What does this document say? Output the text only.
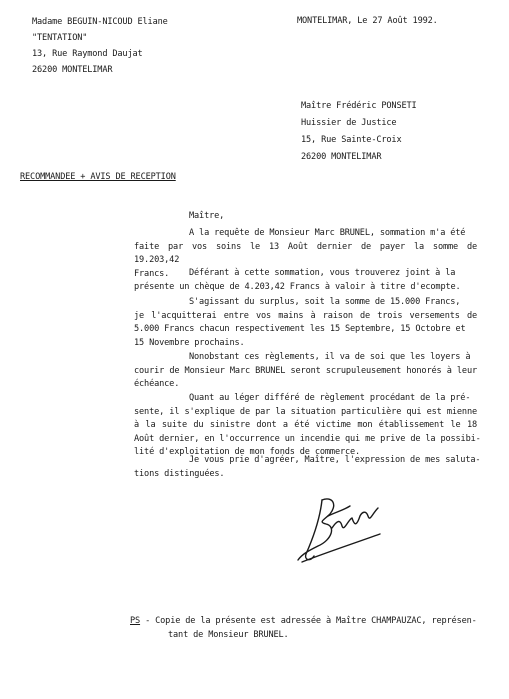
Madame BEGUIN-NICOUD Eliane
"TENTATION"
13, Rue Raymond Daujat
26200 MONTELIMAR
MONTELIMAR, Le 27 Août 1992.
Maître Frédéric PONSETI
Huissier de Justice
15, Rue Sainte-Croix
26200 MONTELIMAR
RECOMMANDEE + AVIS DE RECEPTION
Maître,
A la requête de Monsieur Marc BRUNEL, sommation m'a été
faite par vos soins le 13 Août dernier de payer la somme de 19.203,42
Francs.	Déférant à cette sommation, vous trouverez joint à la
présente un chèque de 4.203,42 Francs à valoir à titre d'ecompte.
S'agissant du surplus, soit la somme de 15.000 Francs,
je l'acquitterai entre vos mains à raison de trois versements de
5.000 Francs chacun respectivement les 15 Septembre, 15 Octobre et
15 Novembre prochains.
Nonobstant ces règlements, il va de soi que les loyers à
courir de Monsieur Marc BRUNEL seront scrupuleusement honorés à leur
échéance.
Quant au léger différé de règlement procédant de la pré-
sente, il s'explique de par la situation particulière qui est mienne
à la suite du sinistre dont a été victime mon établissement le 18
Août dernier, en l'occurrence un incendie qui me prive de la possibi-
lité d'exploitation de mon fonds de commerce.
Je vous prie d'agréer, Maître, l'expression de mes saluta-
tions distinguées.
PS - Copie de la présente est adressée à Maître CHAMPAUZAC, représen-
tant de Monsieur BRUNEL.
